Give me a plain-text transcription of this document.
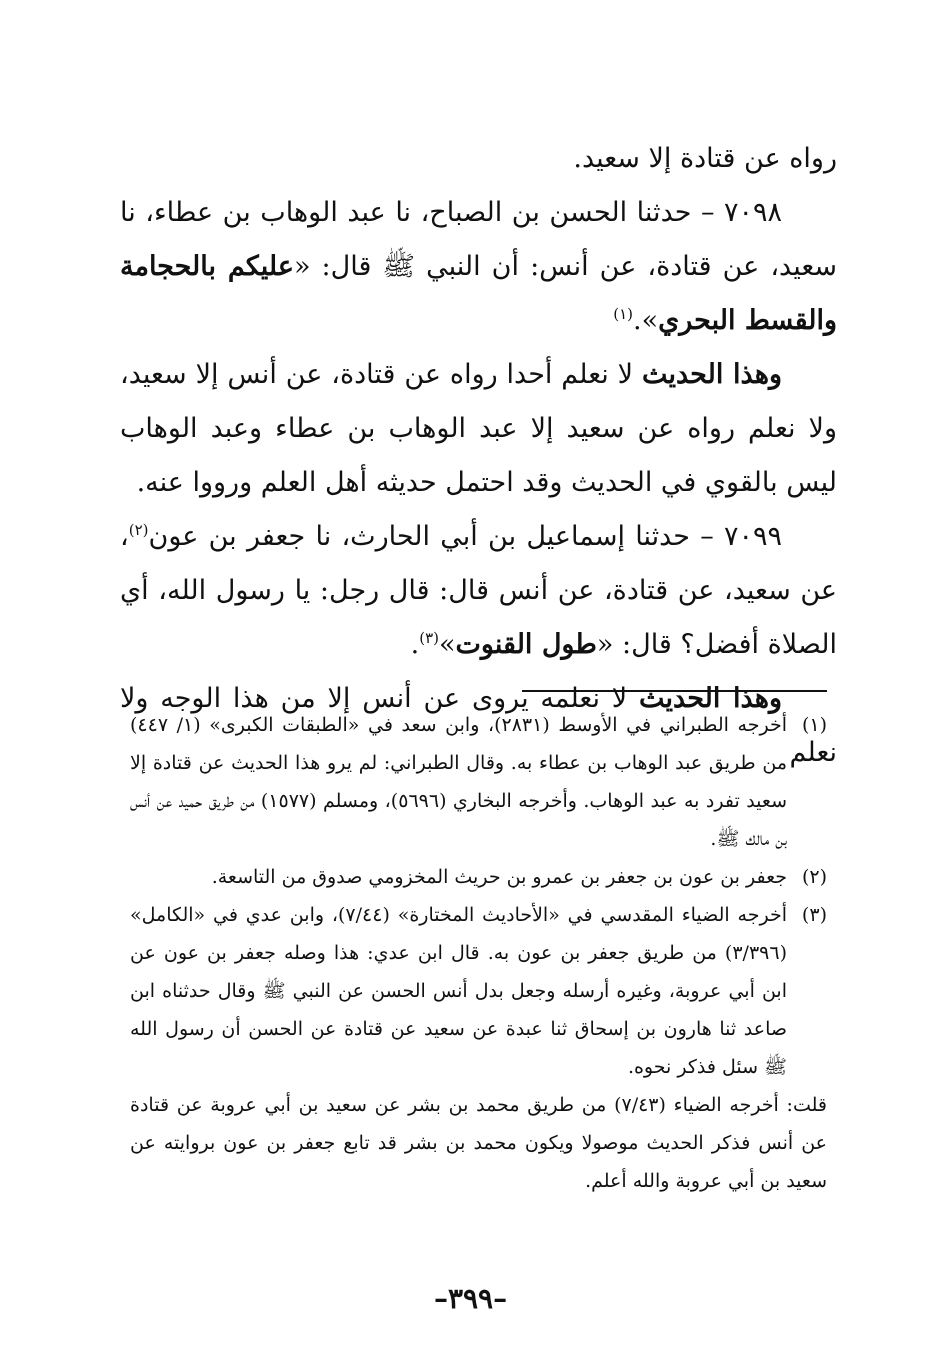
رواه عن قتادة إلا سعيد.

٧٠٩٨ – حدثنا الحسن بن الصباح، نا عبد الوهاب بن عطاء، نا سعيد، عن قتادة، عن أنس: أن النبي ﷺ قال: «عليكم بالحجامة والقسط البحري».$^{(١)}$

وهذا الحديث لا نعلم أحدا رواه عن قتادة، عن أنس إلا سعيد، ولا نعلم رواه عن سعيد إلا عبد الوهاب بن عطاء وعبد الوهاب ليس بالقوي في الحديث وقد احتمل حديثه أهل العلم ورووا عنه.

٧٠٩٩ – حدثنا إسماعيل بن أبي الحارث، نا جعفر بن عون$^{(٢)}$، عن سعيد، عن قتادة، عن أنس قال: قال رجل: يا رسول الله، أي الصلاة أفضل؟ قال: «طول القنوت»$^{(٣)}$.

وهذا الحديث لا نعلمه يروى عن أنس إلا من هذا الوجه ولا نعلم

(١)أخرجه الطبراني في الأوسط (٢٨٣١)، وابن سعد في «الطبقات الكبرى» (١/ ٤٤٧) من طريق عبد الوهاب بن عطاء به. وقال الطبراني: لم يرو هذا الحديث عن قتادة إلا سعيد تفرد به عبد الوهاب. وأخرجه البخاري (٥٦٩٦)، ومسلم (١٥٧٧) من طريق حميد عن أنس بن مالك ﷺ.

(٢)جعفر بن عون بن جعفر بن عمرو بن حريث المخزومي صدوق من التاسعة.

(٣)أخرجه الضياء المقدسي في «الأحاديث المختارة» (٧/٤٤)، وابن عدي في «الكامل» (٣/٣٩٦) من طريق جعفر بن عون به. قال ابن عدي: هذا وصله جعفر بن عون عن ابن أبي عروبة، وغيره أرسله وجعل بدل أنس الحسن عن النبي ﷺ وقال حدثناه ابن صاعد ثنا هارون بن إسحاق ثنا عبدة عن سعيد عن قتادة عن الحسن أن رسول الله ﷺ سئل فذكر نحوه.

قلت: أخرجه الضياء (٧/٤٣) من طريق محمد بن بشر عن سعيد بن أبي عروبة عن قتادة عن أنس فذكر الحديث موصولا ويكون محمد بن بشر قد تابع جعفر بن عون بروايته عن سعيد بن أبي عروبة والله أعلم.

–٣٩٩–
